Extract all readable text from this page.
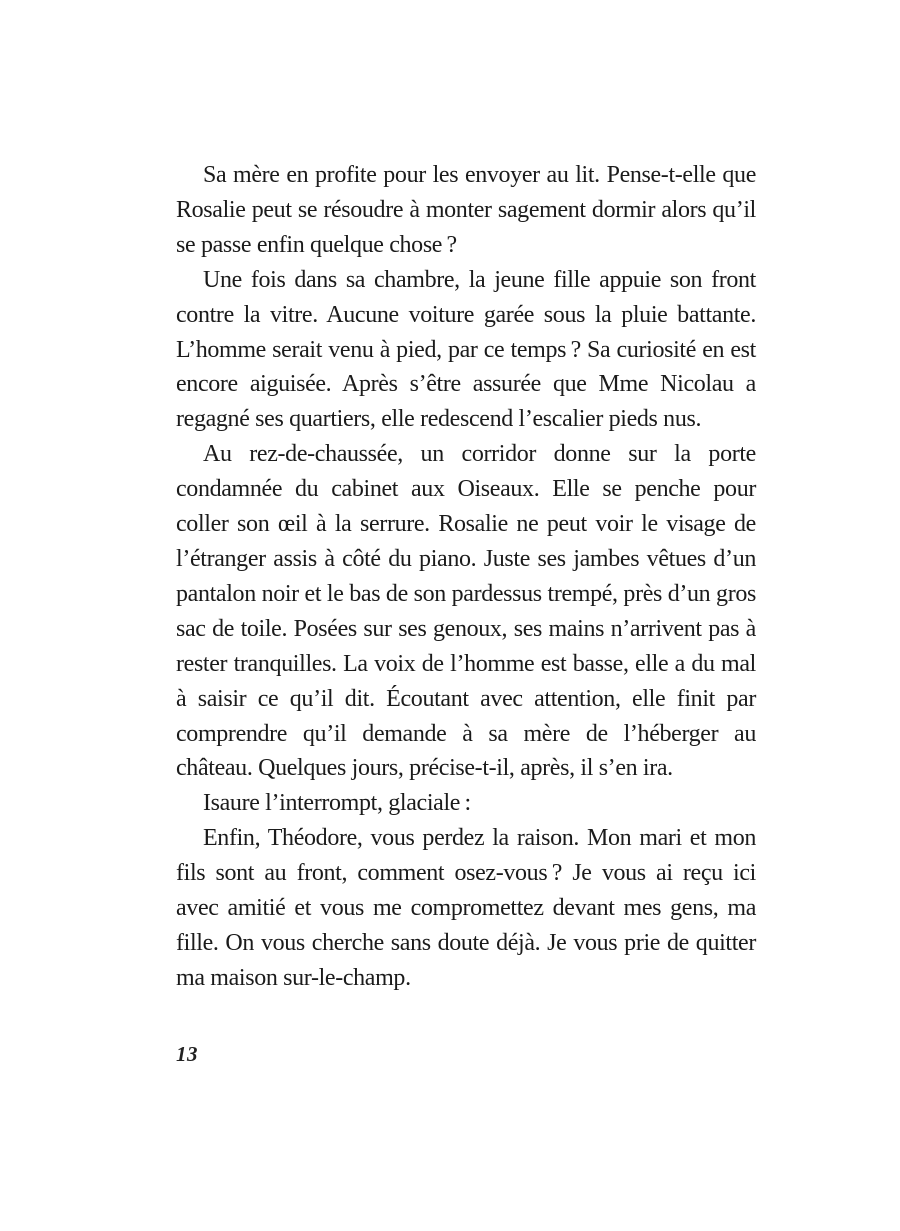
Sa mère en profite pour les envoyer au lit. Pense-t-elle que Rosalie peut se résoudre à monter sagement dormir alors qu’il se passe enfin quelque chose ?

Une fois dans sa chambre, la jeune fille appuie son front contre la vitre. Aucune voiture garée sous la pluie battante. L’homme serait venu à pied, par ce temps ? Sa curiosité en est encore aiguisée. Après s’être assurée que Mme Nicolau a regagné ses quartiers, elle redescend l’escalier pieds nus.

Au rez-de-chaussée, un corridor donne sur la porte condamnée du cabinet aux Oiseaux. Elle se penche pour coller son œil à la serrure. Rosalie ne peut voir le visage de l’étranger assis à côté du piano. Juste ses jambes vêtues d’un pantalon noir et le bas de son pardessus trempé, près d’un gros sac de toile. Posées sur ses genoux, ses mains n’arrivent pas à rester tranquilles. La voix de l’homme est basse, elle a du mal à saisir ce qu’il dit. Écoutant avec attention, elle finit par comprendre qu’il demande à sa mère de l’héberger au château. Quelques jours, précise-t-il, après, il s’en ira.

Isaure l’interrompt, glaciale :

Enfin, Théodore, vous perdez la raison. Mon mari et mon fils sont au front, comment osez-vous ? Je vous ai reçu ici avec amitié et vous me compromettez devant mes gens, ma fille. On vous cherche sans doute déjà. Je vous prie de quitter ma maison sur-le-champ.

13
